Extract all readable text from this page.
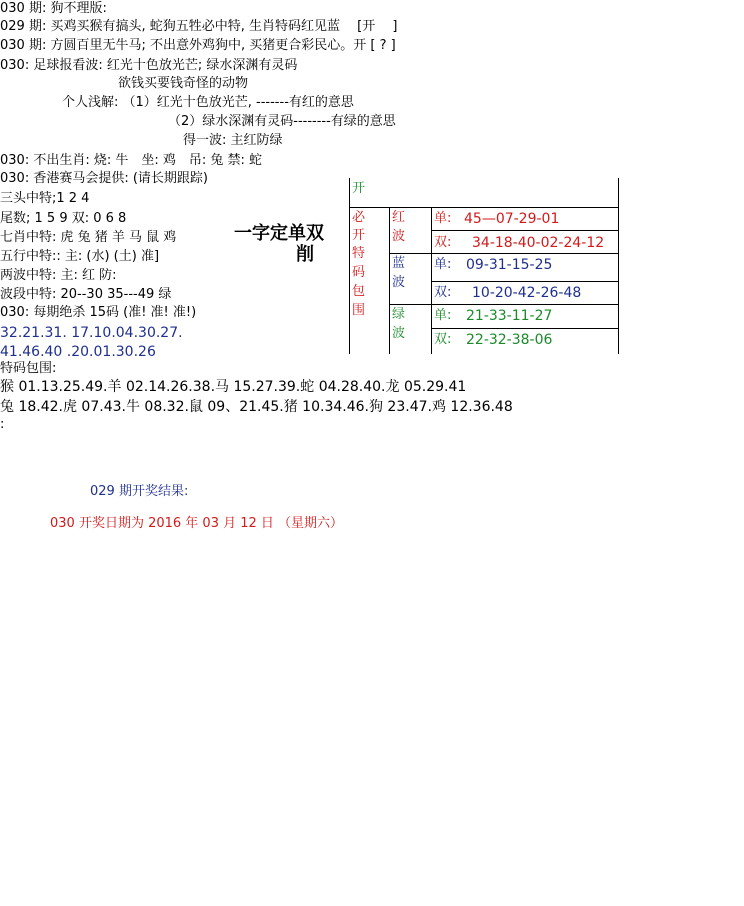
030 期: 狗不理版:
029 期: 买鸡买猴有搞头, 蛇狗五牲必中特, 生肖特码红见蓝　 [开　 ]
030 期: 方圆百里无牛马; 不出意外鸡狗中, 买猪更合彩民心。开 [ ? ]
030: 足球报看波: 红光十色放光芒; 绿水深渊有灵码
欲钱买要钱奇怪的动物
个人浅解: （1）红光十色放光芒, -------有红的意思
（2）绿水深渊有灵码--------有绿的意思
得一波: 主红防绿
030: 不出生肖: 烧: 牛　坐: 鸡　吊: 兔 禁: 蛇
030: 香港赛马会提供: (请长期跟踪)
三头中特;1 2 4
尾数; 1 5 9 双: 0 6 8
七肖中特: 虎 兔 猪 羊 马 鼠 鸡
五行中特:: 主: (水) (土) 准]
两波中特: 主: 红 防:
波段中特: 20--30 35---49 绿
030: 每期绝杀 15码 (准! 准! 准!)
32.21.31. 17.10.04.30.27.
41.46.40 .20.01.30.26
特码包围:
猴 01.13.25.49.羊 02.14.26.38.马 15.27.39.蛇 04.28.40.龙 05.29.41
兔 18.42.虎 07.43.牛 08.32.鼠 09、21.45.猪 10.34.46.狗 23.47.鸡 12.36.48
:
一字定单双
削
开
必
开
特
码
包
围
红
波
单: 45—07-29-01
双: 34-18-40-02-24-12
蓝
波
单: 09-31-15-25
双: 10-20-42-26-48
绿
波
单: 21-33-11-27
双: 22-32-38-06
029 期开奖结果:
030 开奖日期为 2016 年 03 月 12 日 （星期六）
